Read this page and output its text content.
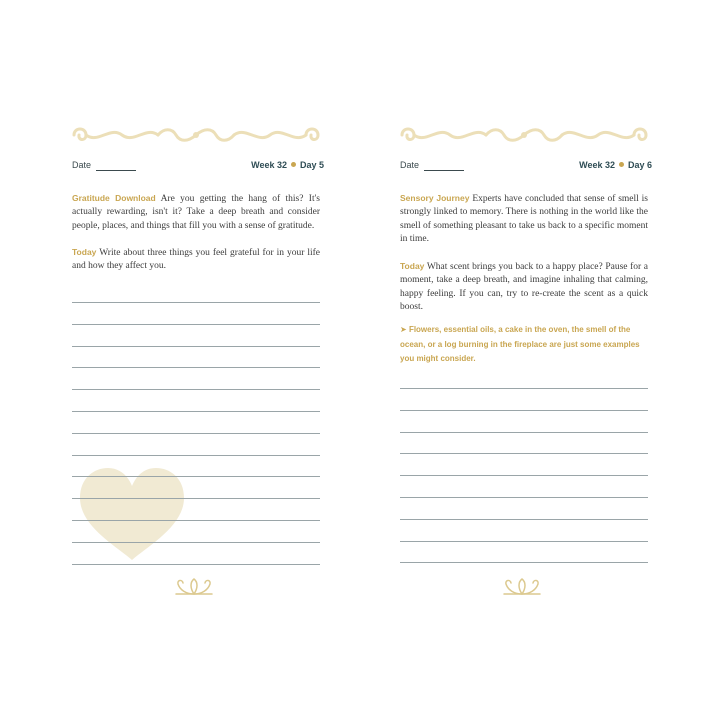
Date	Week 32 Day 5

Gratitude Download Are you getting the hang of this? It's actually rewarding, isn't it? Take a deep breath and consider people, places, and things that fill you with a sense of gratitude.

Today Write about three things you feel grateful for in your life and how they affect you.

Date	Week 32 Day 6

Sensory Journey Experts have concluded that sense of smell is strongly linked to memory. There is nothing in the world like the smell of something pleasant to take us back to a specific moment in time.

Today What scent brings you back to a happy place? Pause for a moment, take a deep breath, and imagine inhaling that calming, happy feeling. If you can, try to re-create the scent as a quick boost.

➤ Flowers, essential oils, a cake in the oven, the smell of the ocean, or a log burning in the fireplace are just some examples you might consider.
